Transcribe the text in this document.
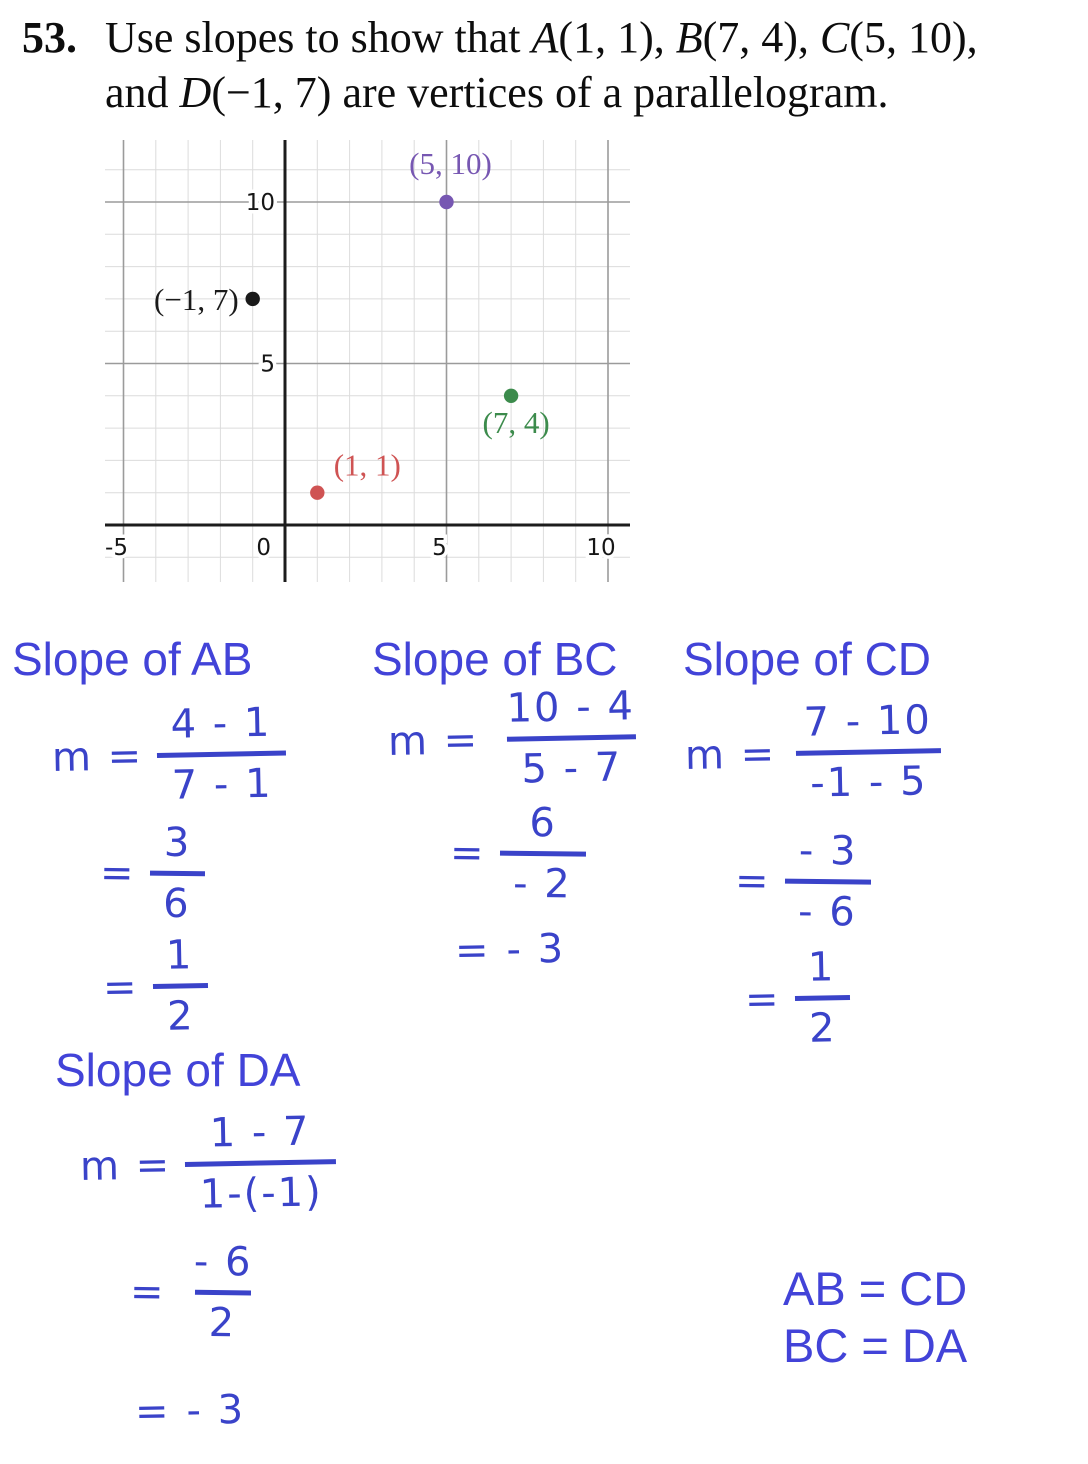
53. Use slopes to show that A(1, 1), B(7, 4), C(5, 10),
and D(−1, 7) are vertices of a parallelogram.
-5	0	5	10
5
10
(1, 1)
(7, 4)
(5, 10)
(−1, 7)
Slope of AB
$m = \frac{4 - 1}{7 - 1}$
= $\frac{3}{6}$
= $\frac{1}{2}$
Slope of BC
$m = \frac{10 - 4}{5 - 7}$
= $\frac{6}{- 2}$
= - 3
Slope of CD
$m = \frac{7 - 10}{-1 - 5}$
= $\frac{- 3}{- 6}$
= $\frac{1}{2}$
Slope of DA
$m = \frac{1 - 7}{1-(-1)}$
= $\frac{- 6}{2}$
= - 3
AB = CD
BC = DA
